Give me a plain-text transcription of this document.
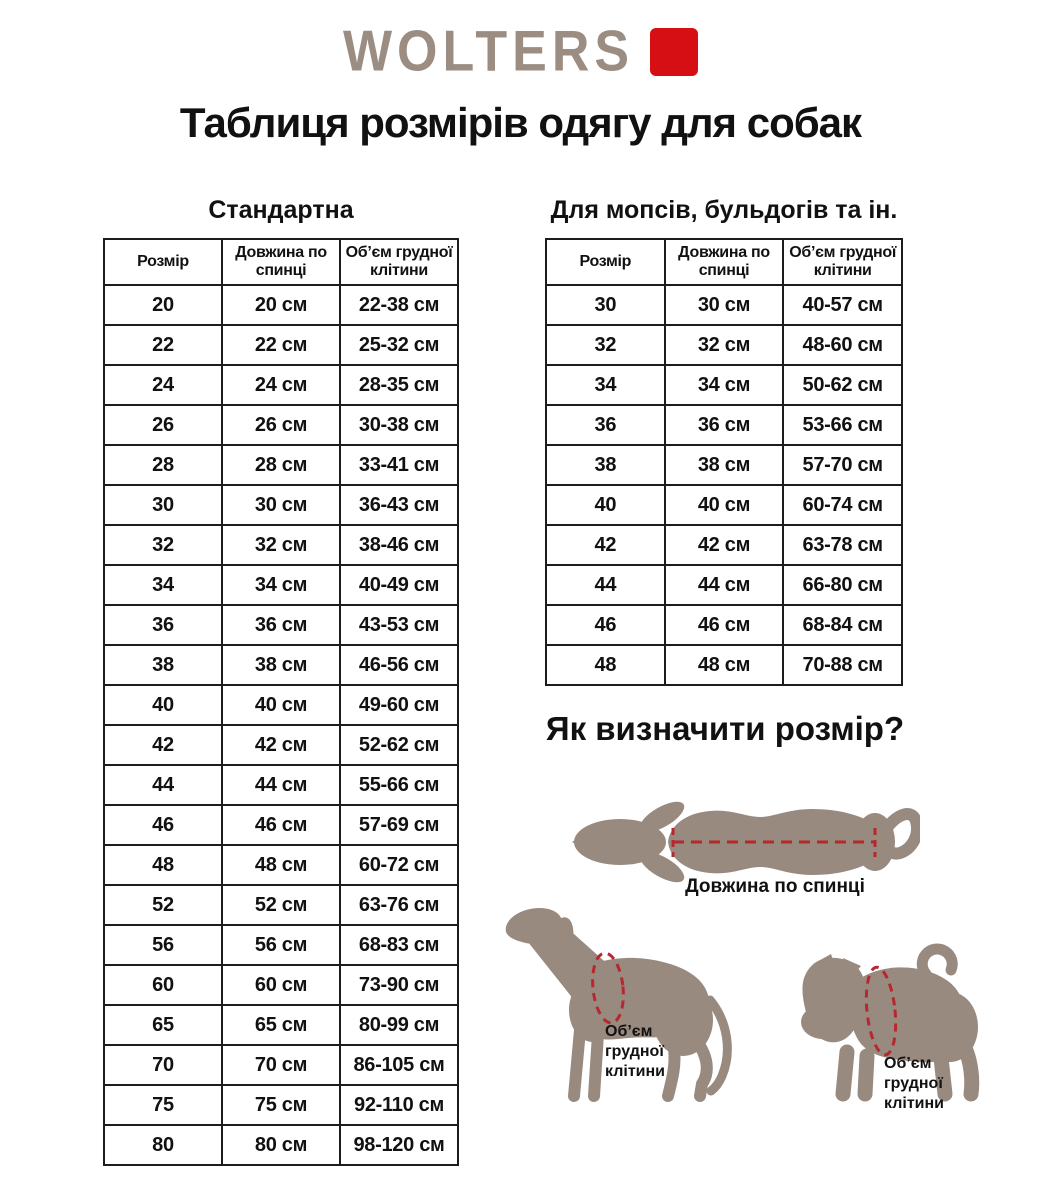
WOLTERS
Таблиця розмірів одягу для собак
Стандартна	Для мопсів, бульдогів та ін.
Розмір	Довжина по спинці	Об’єм грудної клітини
20	20 см	22-38 см
22	22 см	25-32 см
24	24 см	28-35 см
26	26 см	30-38 см
28	28 см	33-41 см
30	30 см	36-43 см
32	32 см	38-46 см
34	34 см	40-49 см
36	36 см	43-53 см
38	38 см	46-56 см
40	40 см	49-60 см
42	42 см	52-62 см
44	44 см	55-66 см
46	46 см	57-69 см
48	48 см	60-72 см
52	52 см	63-76 см
56	56 см	68-83 см
60	60 см	73-90 см
65	65 см	80-99 см
70	70 см	86-105 см
75	75 см	92-110 см
80	80 см	98-120 см
Розмір	Довжина по спинці	Об’єм грудної клітини
30	30 см	40-57 см
32	32 см	48-60 см
34	34 см	50-62 см
36	36 см	53-66 см
38	38 см	57-70 см
40	40 см	60-74 см
42	42 см	63-78 см
44	44 см	66-80 см
46	46 см	68-84 см
48	48 см	70-88 см
Як визначити розмір?
Довжина по спинці
Об’єм грудної клітини	Об’єм грудної клітини
